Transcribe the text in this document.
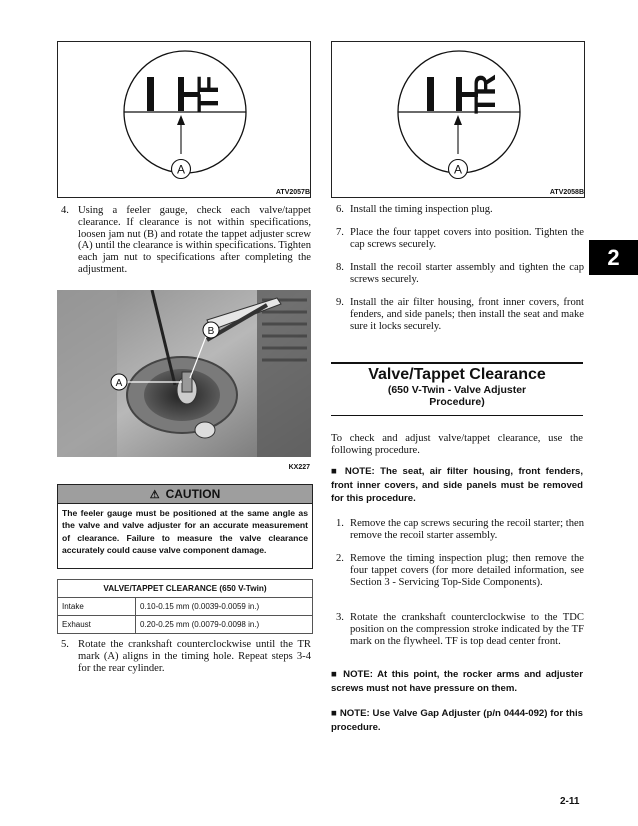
TF
A
ATV2057B
TR
A
ATV2058B
4. Using a feeler gauge, check each valve/tappet clearance. If clearance is not within specifications, loosen jam nut (B) and rotate the tappet adjuster screw (A) until the clearance is within specifications. Tighten each jam nut to specifications after completing the adjustment.
A
B
KX227
⚠ CAUTION
The feeler gauge must be positioned at the same angle as the valve and valve adjuster for an accurate measurement of clearance. Failure to measure the valve clearance accurately could cause valve component damage.
VALVE/TAPPET CLEARANCE (650 V-Twin)	
Intake	0.10-0.15 mm (0.0039-0.0059 in.)
Exhaust	0.20-0.25 mm (0.0079-0.0098 in.)
5. Rotate the crankshaft counterclockwise until the TR mark (A) aligns in the timing hole. Repeat steps 3-4 for the rear cylinder.
6. Install the timing inspection plug.
7. Place the four tappet covers into position. Tighten the cap screws securely.
8. Install the recoil starter assembly and tighten the cap screws securely.
9. Install the air filter housing, front inner covers, front fenders, and side panels; then install the seat and make sure it locks securely.
Valve/Tappet Clearance
(650 V-Twin - Valve Adjuster
Procedure)
To check and adjust valve/tappet clearance, use the following procedure.
■ NOTE: The seat, air filter housing, front fenders, front inner covers, and side panels must be removed for this procedure.
1. Remove the cap screws securing the recoil starter; then remove the recoil starter assembly.
2. Remove the timing inspection plug; then remove the four tappet covers (for more detailed information, see Section 3 - Servicing Top-Side Components).
3. Rotate the crankshaft counterclockwise to the TDC position on the compression stroke indicated by the TF mark on the flywheel. TF is top dead center front.
■ NOTE: At this point, the rocker arms and adjuster screws must not have pressure on them.
■ NOTE: Use Valve Gap Adjuster (p/n 0444-092) for this procedure.
2
2-11
